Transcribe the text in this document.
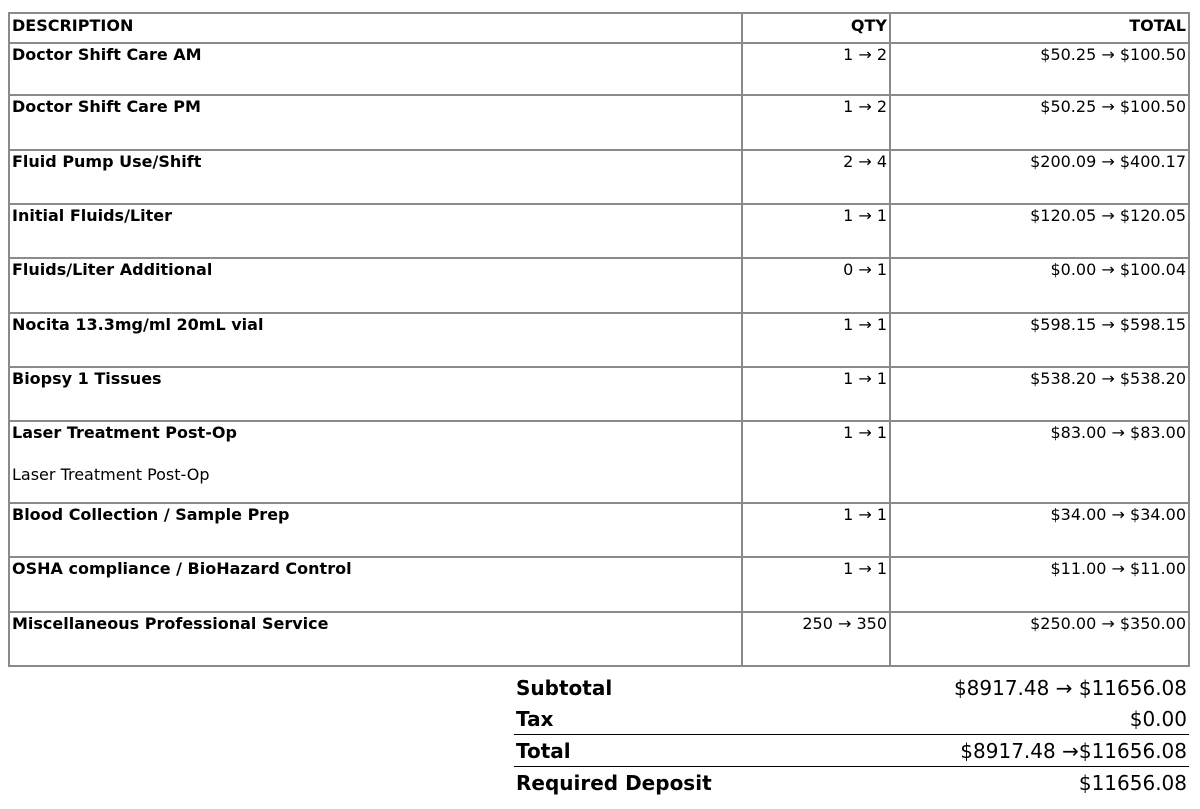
DESCRIPTION	QTY	TOTAL

Doctor Shift Care AM	1 → 2	$50.25 → $100.50

Doctor Shift Care PM	1 → 2	$50.25 → $100.50

Fluid Pump Use/Shift	2 → 4	$200.09 → $400.17

Initial Fluids/Liter	1 → 1	$120.05 → $120.05

Fluids/Liter Additional	0 → 1	$0.00 → $100.04

Nocita 13.3mg/ml 20mL vial	1 → 1	$598.15 → $598.15

Biopsy 1 Tissues	1 → 1	$538.20 → $538.20

Laser Treatment Post-Op
Laser Treatment Post-Op	1 → 1	$83.00 → $83.00

Blood Collection / Sample Prep	1 → 1	$34.00 → $34.00

OSHA compliance / BioHazard Control	1 → 1	$11.00 → $11.00

Miscellaneous Professional Service	250 → 350	$250.00 → $350.00
Subtotal	$8917.48 → $11656.08
Tax	$0.00
Total	$8917.48 →$11656.08
Required Deposit	$11656.08
